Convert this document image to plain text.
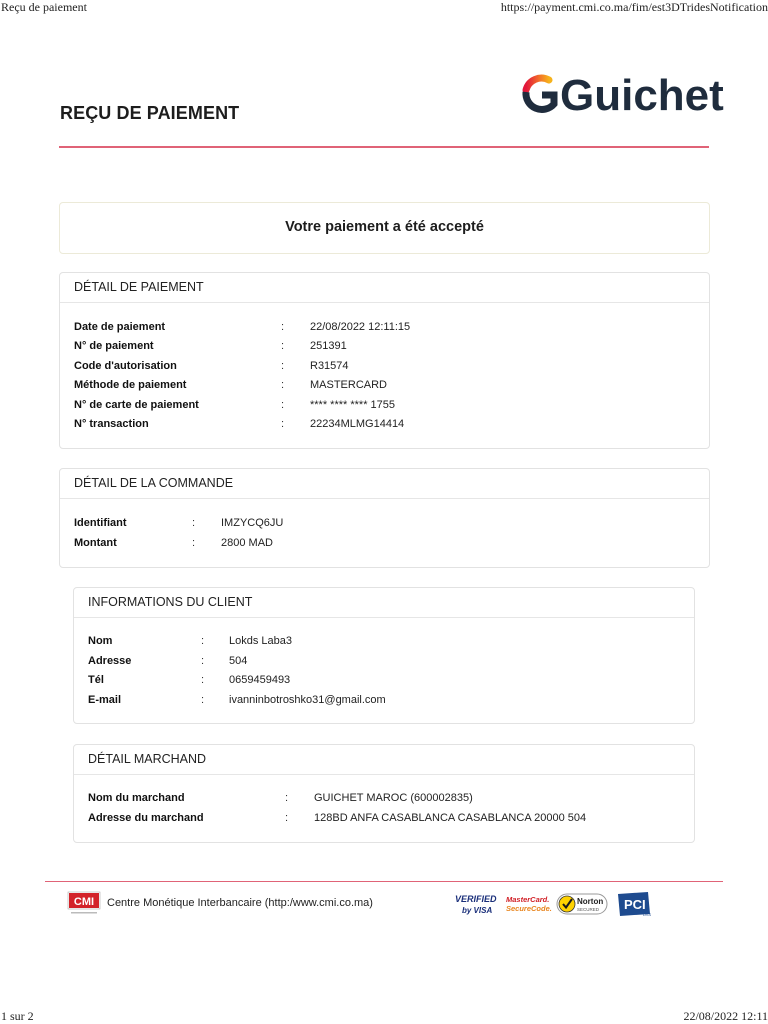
Reçu de paiement	https://payment.cmi.co.ma/fim/est3DTridesNotification
REÇU DE PAIEMENT	Guichet
Votre paiement a été accepté
DÉTAIL DE PAIEMENT
Date de paiement	: 22/08/2022 12:11:15
N° de paiement	: 251391
Code d'autorisation	: R31574
Méthode de paiement	: MASTERCARD
N° de carte de paiement	: **** **** **** 1755
N° transaction	: 22234MLMG14414
DÉTAIL DE LA COMMANDE
Identifiant	: IMZYCQ6JU
Montant	: 2800 MAD
INFORMATIONS DU CLIENT
Nom	: Lokds Laba3
Adresse	: 504
Tél	: 0659459493
E-mail	: ivanninbotroshko31@gmail.com
DÉTAIL MARCHAND
Nom du marchand	: GUICHET MAROC (600002835)
Adresse du marchand	: 128BD ANFA CASABLANCA CASABLANCA 20000 504
CMI Centre Monétique Interbancaire (http:/www.cmi.co.ma)	VERIFIED
by VISA
MasterCard.
SecureCode.
Norton
SECURED PCI
DSS
1 sur 2	22/08/2022 12:11
